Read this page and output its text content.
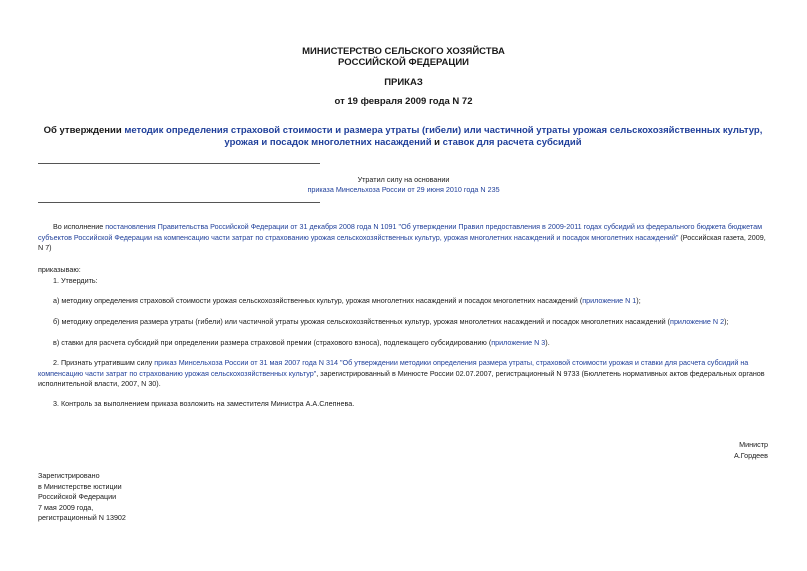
МИНИСТЕРСТВО СЕЛЬСКОГО ХОЗЯЙСТВА
РОССИЙСКОЙ ФЕДЕРАЦИИ
ПРИКАЗ
от 19 февраля 2009 года N 72
Об утверждении методик определения страховой стоимости и размера утраты (гибели) или частичной утраты урожая сельскохозяйственных культур, урожая и посадок многолетних насаждений и ставок для расчета субсидий
Утратил силу на основании
приказа Минсельхоза России от 29 июня 2010 года N 235
Во исполнение постановления Правительства Российской Федерации от 31 декабря 2008 года N 1091 "Об утверждении Правил предоставления в 2009-2011 годах субсидий из федерального бюджета бюджетам субъектов Российской Федерации на компенсацию части затрат по страхованию урожая сельскохозяйственных культур, урожая многолетних насаждений и посадок многолетних насаждений" (Российская газета, 2009, N 7)
приказываю:
1. Утвердить:
а) методику определения страховой стоимости урожая сельскохозяйственных культур, урожая многолетних насаждений и посадок многолетних насаждений (приложение N 1);
б) методику определения размера утраты (гибели) или частичной утраты урожая сельскохозяйственных культур, урожая многолетних насаждений и посадок многолетних насаждений (приложение N 2);
в) ставки для расчета субсидий при определении размера страховой премии (страхового взноса), подлежащего субсидированию (приложение N 3).
2. Признать утратившим силу приказ Минсельхоза России от 31 мая 2007 года N 314 "Об утверждении методики определения размера утраты, страховой стоимости урожая и ставки для расчета субсидий на компенсацию части затрат по страхованию урожая сельскохозяйственных культур", зарегистрированный в Минюсте России 02.07.2007, регистрационный N 9733 (Бюллетень нормативных актов федеральных органов исполнительной власти, 2007, N 30).
3. Контроль за выполнением приказа возложить на заместителя Министра А.А.Слепнева.
Министр
А.Гордеев
Зарегистрировано
в Министерстве юстиции
Российской Федерации
7 мая 2009 года,
регистрационный N 13902
